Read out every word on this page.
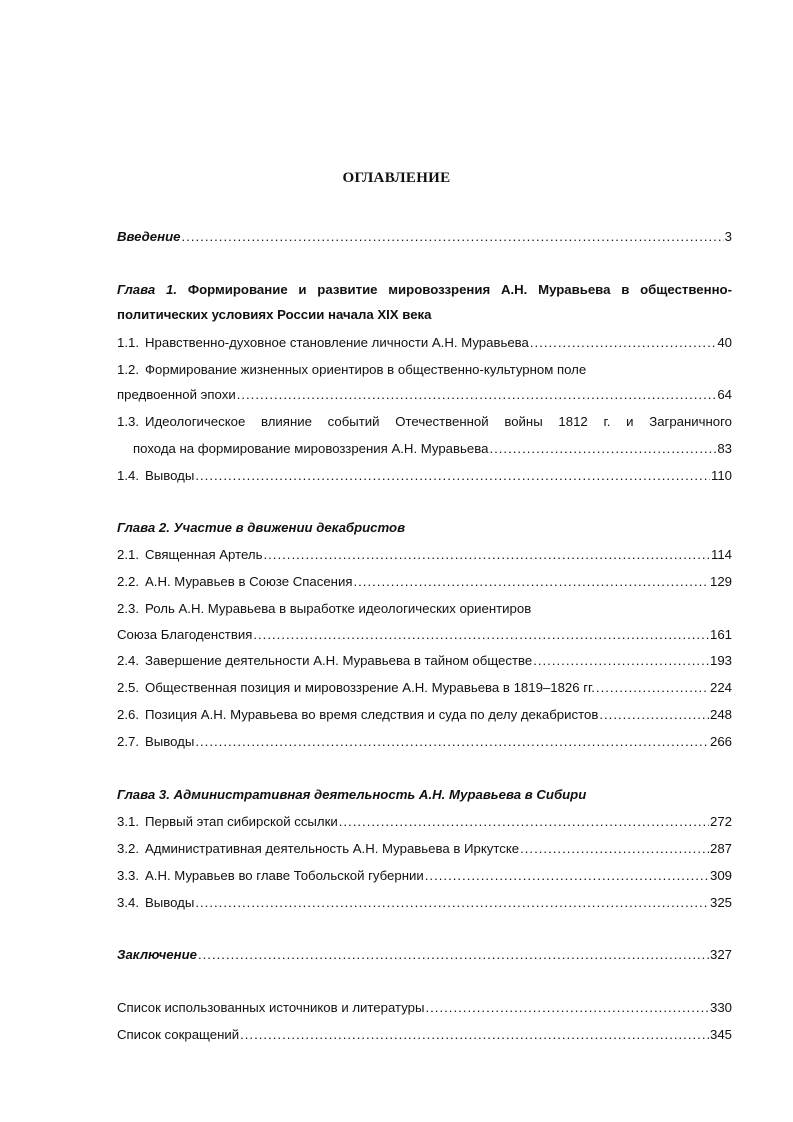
ОГЛАВЛЕНИЕ
Введение .....	3
Глава 1. Формирование и развитие мировоззрения А.Н. Муравьева в общественно-
политических условиях России начала XIX века
1.1. Нравственно-духовное становление личности А.Н. Муравьева .....	40
1.2. Формирование жизненных ориентиров в общественно-культурном поле
предвоенной эпохи .....	64
1.3. Идеологическое влияние событий Отечественной войны 1812 г. и Заграничного
похода на формирование мировоззрения А.Н. Муравьева .....	83
1.4. Выводы .....	110
Глава 2. Участие в движении декабристов
2.1. Священная Артель .....	114
2.2. А.Н. Муравьев в Союзе Спасения .....	129
2.3. Роль А.Н. Муравьева в выработке идеологических ориентиров
Союза Благоденствия .....	161
2.4. Завершение деятельности А.Н. Муравьева в тайном обществе .....	193
2.5. Общественная позиция и мировоззрение А.Н. Муравьева в 1819–1826 гг. .....	224
2.6. Позиция А.Н. Муравьева во время следствия и суда по делу декабристов .....	248
2.7. Выводы .....	266
Глава 3. Административная деятельность А.Н. Муравьева в Сибири
3.1. Первый этап сибирской ссылки .....	272
3.2. Административная деятельность А.Н. Муравьева в Иркутске .....	287
3.3. А.Н. Муравьев во главе Тобольской губернии .....	309
3.4. Выводы .....	325
Заключение .....	327
Список использованных источников и литературы .....	330
Список сокращений .....	345
